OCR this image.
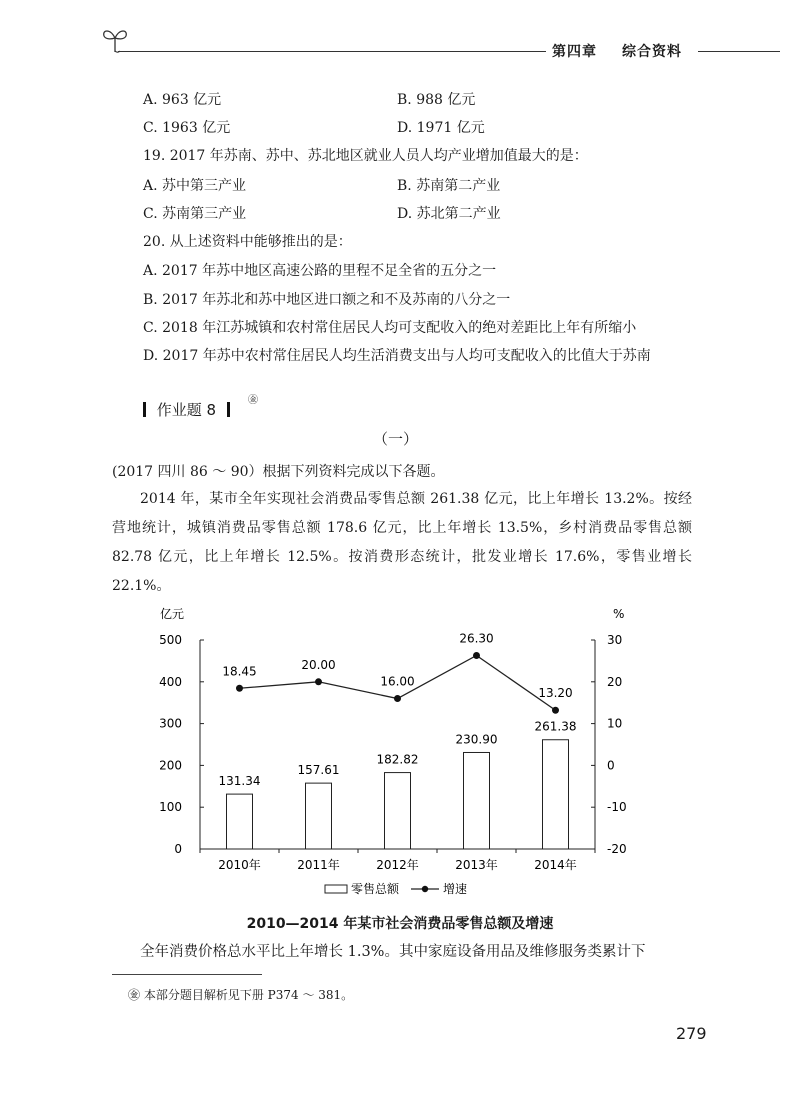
第四章 综合资料
A. 963 亿元	B. 988 亿元
C. 1963 亿元	D. 1971 亿元
19. 2017 年苏南、苏中、苏北地区就业人员人均产业增加值最大的是：
A. 苏中第三产业	B. 苏南第二产业
C. 苏南第三产业	D. 苏北第二产业
20. 从上述资料中能够推出的是：
A. 2017 年苏中地区高速公路的里程不足全省的五分之一
B. 2017 年苏北和苏中地区进口额之和不及苏南的八分之一
C. 2018 年江苏城镇和农村常住居民人均可支配收入的绝对差距比上年有所缩小
D. 2017 年苏中农村常住居民人均生活消费支出与人均可支配收入的比值大于苏南
作业题 8
㊎
（一）
(2017 四川 86 ～ 90）根据下列资料完成以下各题。
2014 年，某市全年实现社会消费品零售总额 261.38 亿元，比上年增长 13.2%。按经营地统计，城镇消费品零售总额 178.6 亿元，比上年增长 13.5%，乡村消费品零售总额 82.78 亿元，比上年增长 12.5%。按消费形态统计，批发业增长 17.6%，零售业增长 22.1%。
亿元	%
0
100
200
300
400
500
-20
-10
0
10
20
30
2010年	2011年	2012年	2013年	2014年
131.34
157.61
182.82
230.90
261.38
18.45	20.00
16.00
26.30
13.20
零售总额	增速
2010—2014 年某市社会消费品零售总额及增速
全年消费价格总水平比上年增长 1.3%。其中家庭设备用品及维修服务类累计下
㊎ 本部分题目解析见下册 P374 ～ 381。
279
